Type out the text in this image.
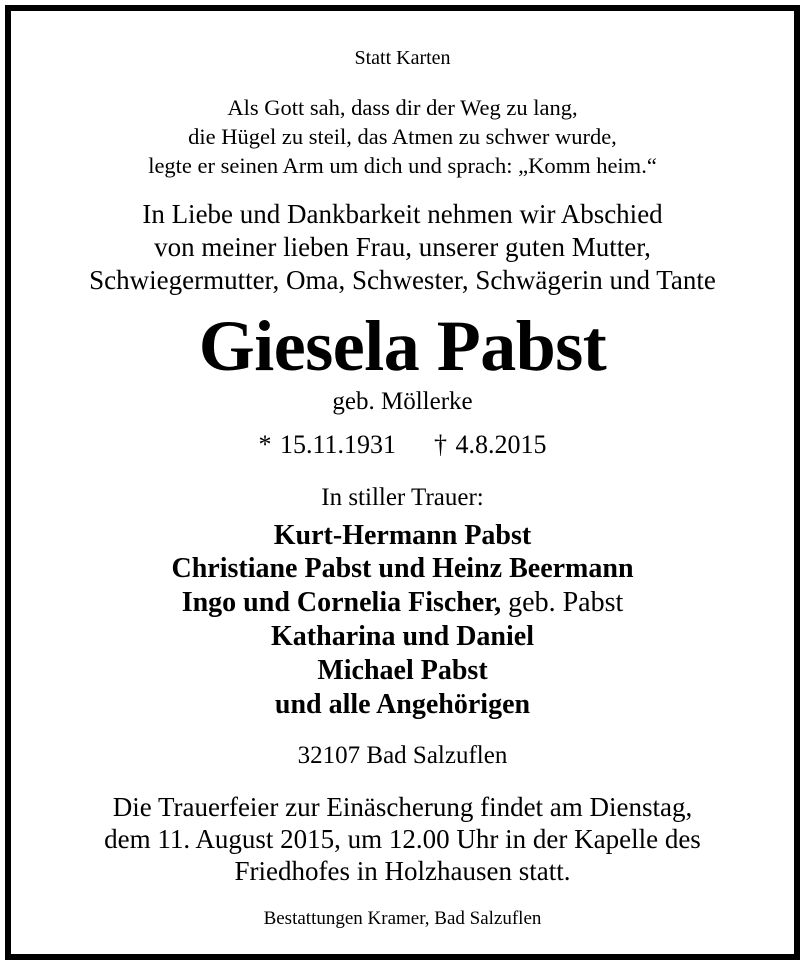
Statt Karten
Als Gott sah, dass dir der Weg zu lang,
die Hügel zu steil, das Atmen zu schwer wurde,
legte er seinen Arm um dich und sprach: „Komm heim.“
In Liebe und Dankbarkeit nehmen wir Abschied
von meiner lieben Frau, unserer guten Mutter,
Schwiegermutter, Oma, Schwester, Schwägerin und Tante
Giesela Pabst
geb. Möllerke
* 15.11.1931 † 4.8.2015
In stiller Trauer:
Kurt-Hermann Pabst
Christiane Pabst und Heinz Beermann
Ingo und Cornelia Fischer, geb. Pabst
Katharina und Daniel
Michael Pabst
und alle Angehörigen
32107 Bad Salzuflen
Die Trauerfeier zur Einäscherung findet am Dienstag,
dem 11. August 2015, um 12.00 Uhr in der Kapelle des
Friedhofes in Holzhausen statt.
Bestattungen Kramer, Bad Salzuflen
